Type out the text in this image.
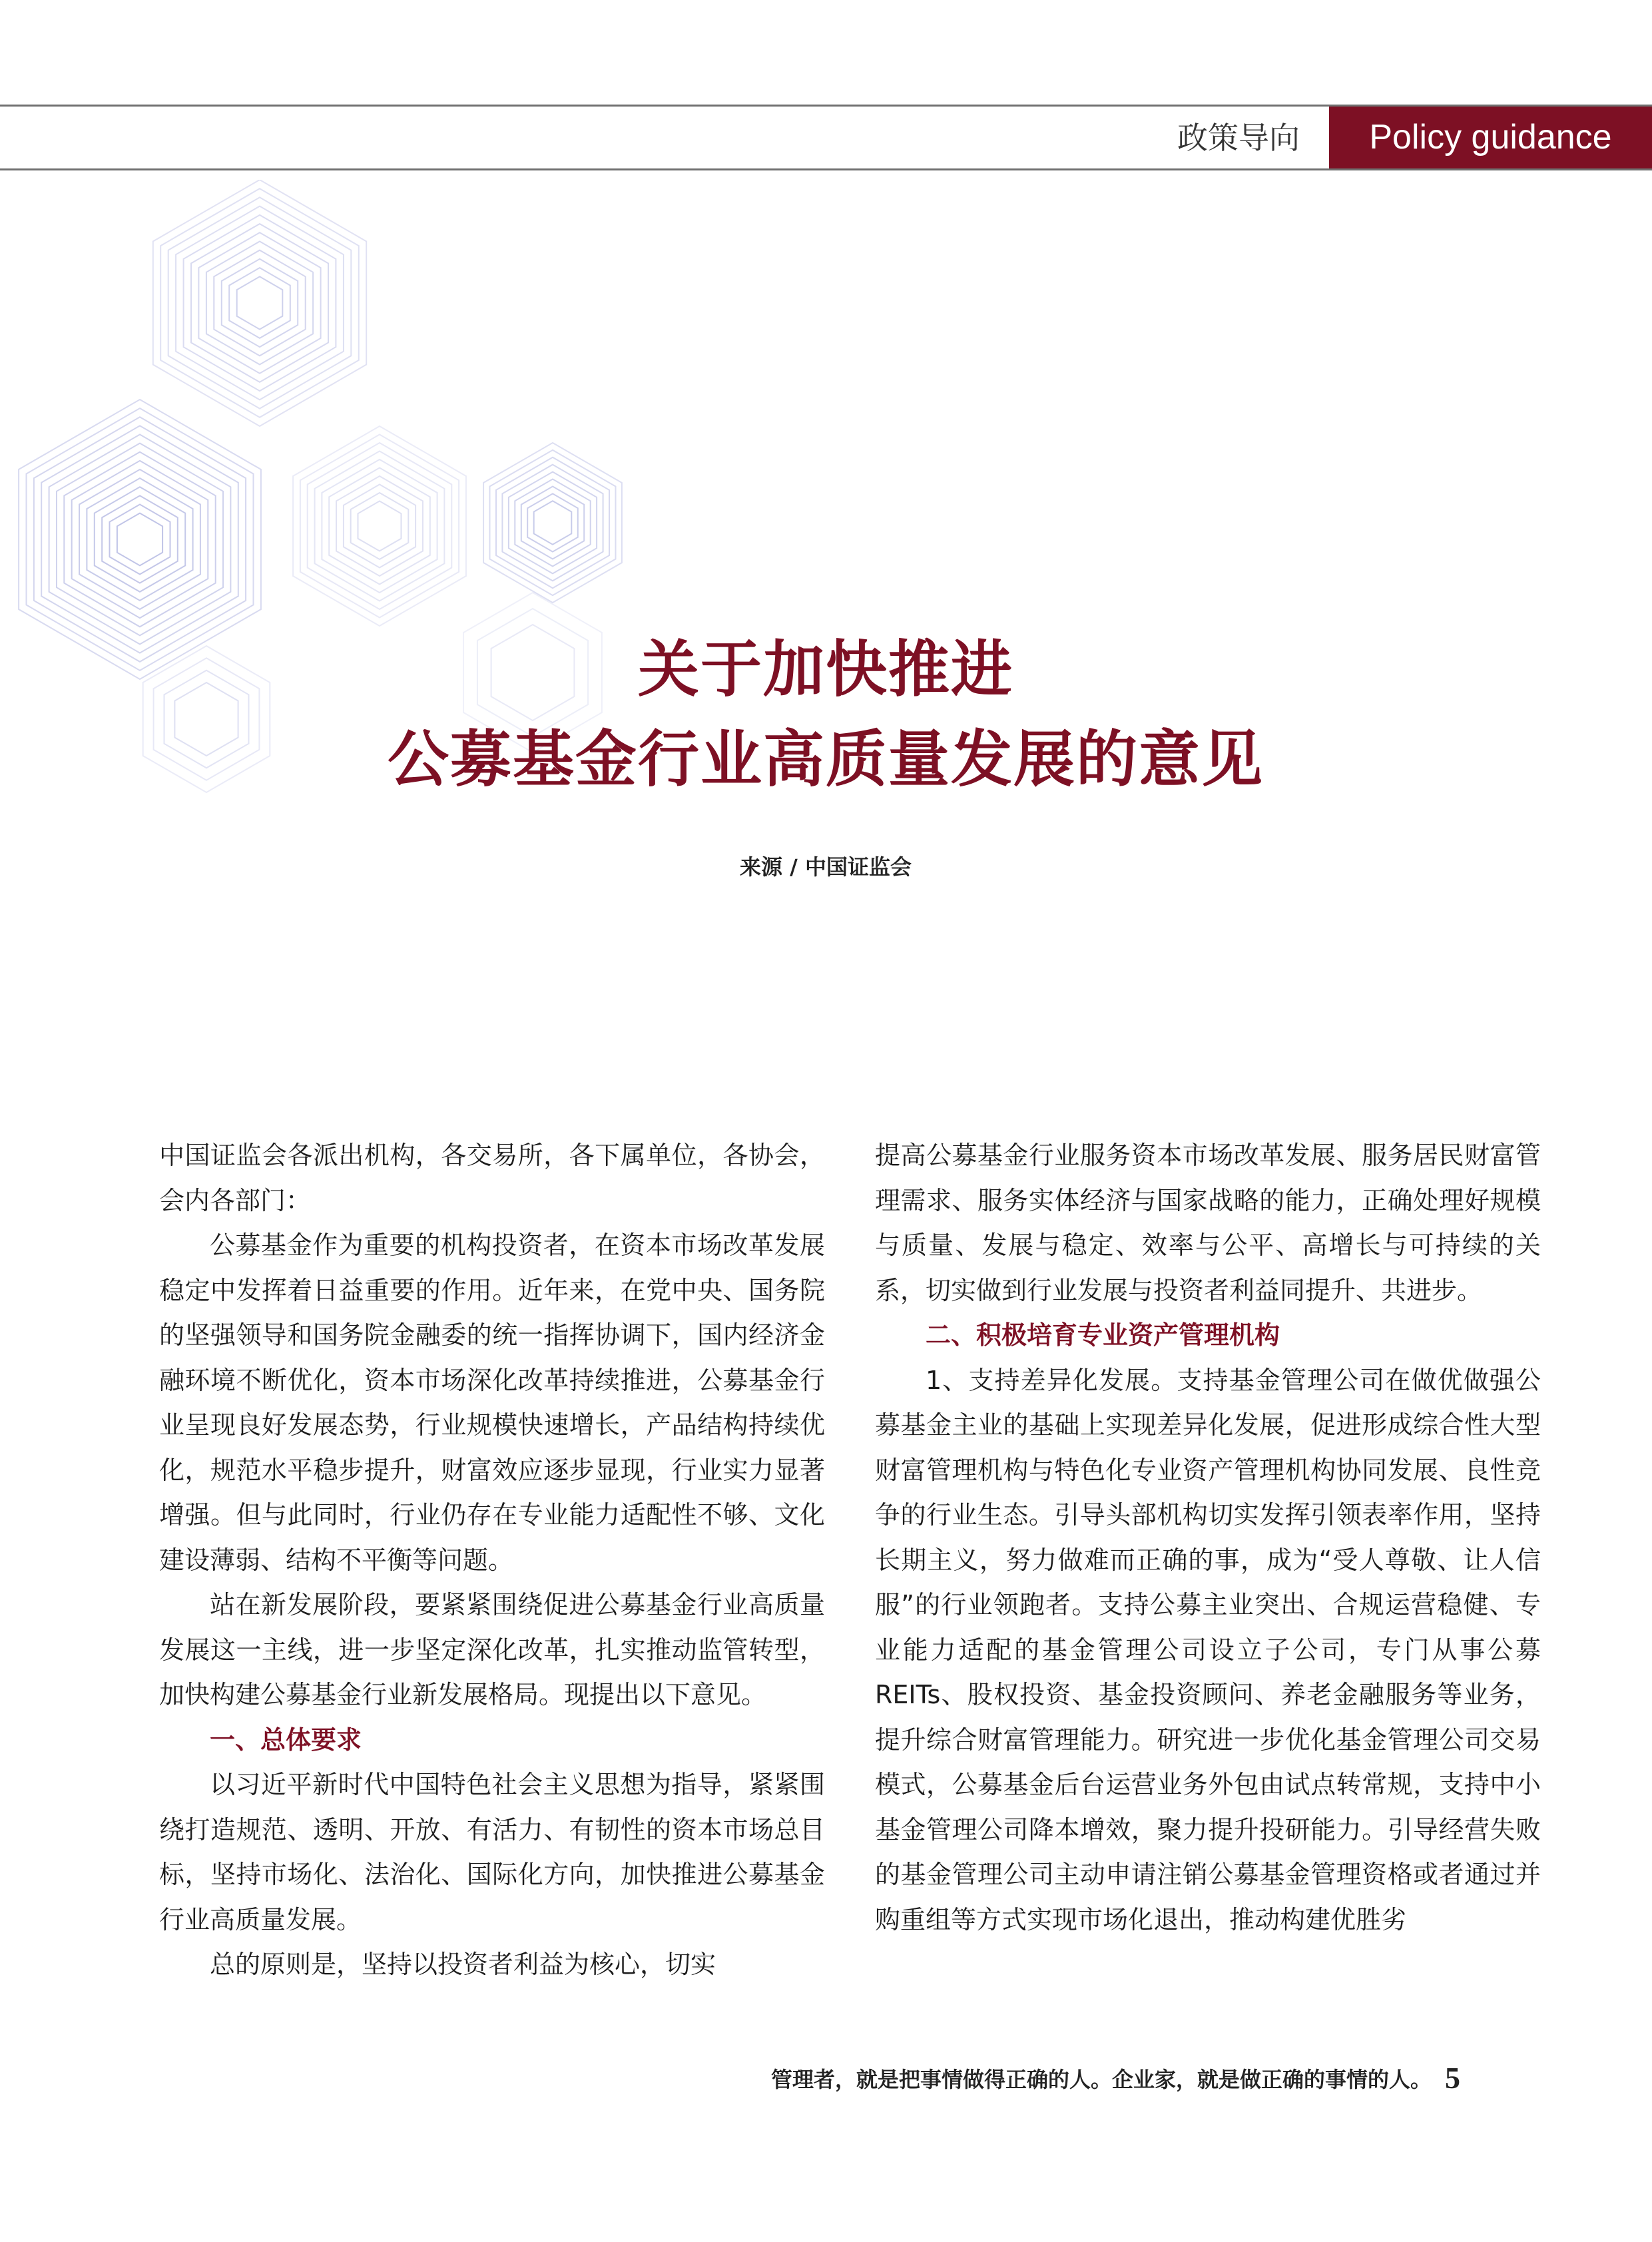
政策导向	Policy guidance
关于加快推进
公募基金行业高质量发展的意见
来源 / 中国证监会

中国证监会各派出机构，各交易所，各下属单位，各协会，会内各部门：

公募基金作为重要的机构投资者，在资本市场改革发展稳定中发挥着日益重要的作用。近年来，在党中央、国务院的坚强领导和国务院金融委的统一指挥协调下，国内经济金融环境不断优化，资本市场深化改革持续推进，公募基金行业呈现良好发展态势，行业规模快速增长，产品结构持续优化，规范水平稳步提升，财富效应逐步显现，行业实力显著增强。但与此同时，行业仍存在专业能力适配性不够、文化建设薄弱、结构不平衡等问题。

站在新发展阶段，要紧紧围绕促进公募基金行业高质量发展这一主线，进一步坚定深化改革，扎实推动监管转型，加快构建公募基金行业新发展格局。现提出以下意见。

一、总体要求

以习近平新时代中国特色社会主义思想为指导，紧紧围绕打造规范、透明、开放、有活力、有韧性的资本市场总目标，坚持市场化、法治化、国际化方向，加快推进公募基金行业高质量发展。

总的原则是，坚持以投资者利益为核心，切实

提高公募基金行业服务资本市场改革发展、服务居民财富管理需求、服务实体经济与国家战略的能力，正确处理好规模与质量、发展与稳定、效率与公平、高增长与可持续的关系，切实做到行业发展与投资者利益同提升、共进步。

二、积极培育专业资产管理机构

1、支持差异化发展。支持基金管理公司在做优做强公募基金主业的基础上实现差异化发展，促进形成综合性大型财富管理机构与特色化专业资产管理机构协同发展、良性竞争的行业生态。引导头部机构切实发挥引领表率作用，坚持长期主义，努力做难而正确的事，成为“受人尊敬、让人信服”的行业领跑者。支持公募主业突出、合规运营稳健、专业能力适配的基金管理公司设立子公司，专门从事公募 REITs、股权投资、基金投资顾问、养老金融服务等业务，提升综合财富管理能力。研究进一步优化基金管理公司交易模式，公募基金后台运营业务外包由试点转常规，支持中小基金管理公司降本增效，聚力提升投研能力。引导经营失败的基金管理公司主动申请注销公募基金管理资格或者通过并购重组等方式实现市场化退出，推动构建优胜劣

管理者，就是把事情做得正确的人。企业家，就是做正确的事情的人。 5
